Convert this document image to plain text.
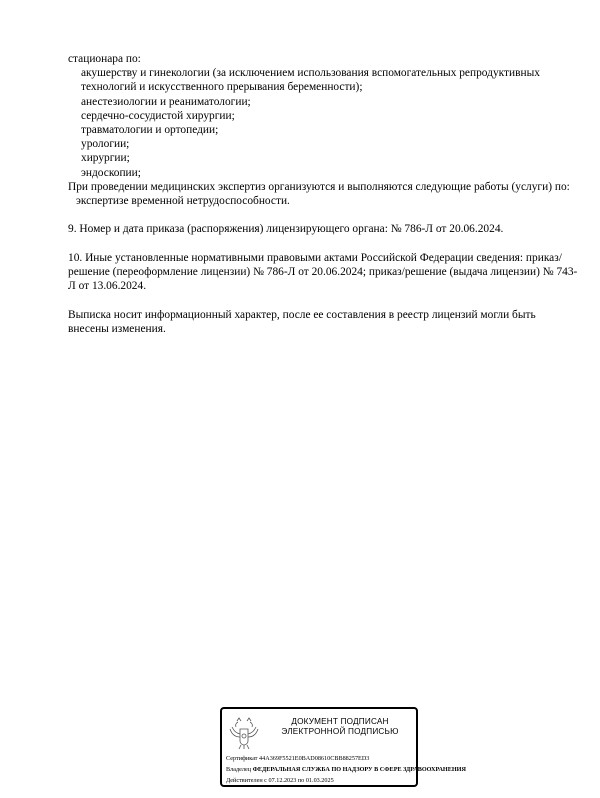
стационара по:
акушерству и гинекологии (за исключением использования вспомогательных репродуктивных технологий и искусственного прерывания беременности);
анестезиологии и реаниматологии;
сердечно-сосудистой хирургии;
травматологии и ортопедии;
урологии;
хирургии;
эндоскопии;
При проведении медицинских экспертиз организуются и выполняются следующие работы (услуги) по:
экспертизе временной нетрудоспособности.
9. Номер и дата приказа (распоряжения) лицензирующего органа: № 786-Л от 20.06.2024.
10. Иные установленные нормативными правовыми актами Российской Федерации сведения: приказ/решение (переоформление лицензии) № 786-Л от 20.06.2024; приказ/решение (выдача лицензии) № 743-Л от 13.06.2024.
Выписка носит информационный характер, после ее составления в реестр лицензий могли быть внесены изменения.
ДОКУМЕНТ ПОДПИСАН
ЭЛЕКТРОННОЙ ПОДПИСЬЮ
Сертификат 44A369F5521E0BAD08610CBB88257ED3
Владелец ФЕДЕРАЛЬНАЯ СЛУЖБА ПО НАДЗОРУ В СФЕРЕ ЗДРАВООХРАНЕНИЯ
Действителен с 07.12.2023 по 01.03.2025
